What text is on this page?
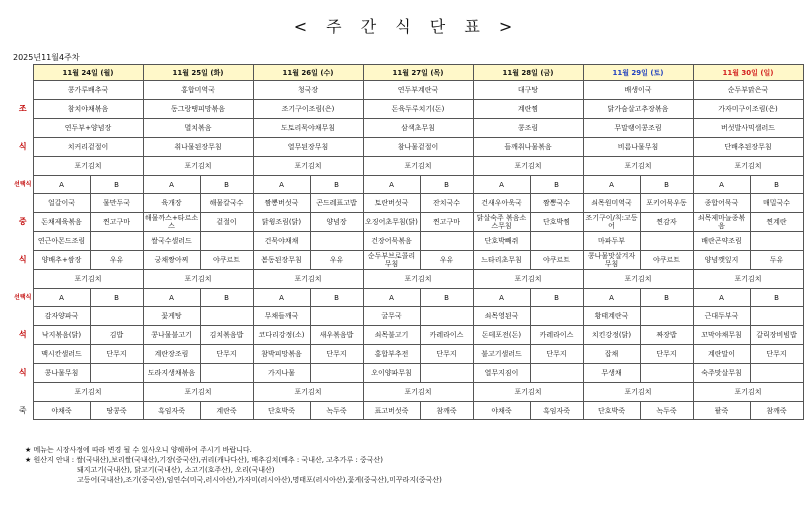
< 주 간 식 단 표 >
2025년11월4주차
	11월 24일 (월)		11월 25일 (화)		11월 26일 (수)		11월 27일 (목)		11월 28일 (금)		11월 29일 (토)		11월 30일 (일)	
	콩가루배추국		홍합미역국		청국장		연두부계란국		대구탕		배생이국		순두부맑은국	
조	참치야채볶음		동그랑땡피망볶음		조기구이조림(은)		돈육두루치기(돈)		계란찜		닭가슴살고추장볶음		가자미구이조림(은)	
	연두부+양념장		멸치볶음		도토리묵야채무침		삼색초무침		콩조림		무말랭이콩조림		버섯발사믹샐러드	
식	치커리겉절이		취나물된장무침		열무된장무침		참나물겉절이		들깨취나물볶음		비름나물무침		단배추된장무침	
	포기김치		포기김치		포기김치		포기김치		포기김치		포기김치		포기김치	
선택식	A	B	A	B	A	B	A	B	A	B	A	B	A	B
	얼갈이국	물만두국	육개장	해물칼국수	짬뽕버섯국	곤드레표고밥	토란버섯국	잔치국수	건새우아욱국	짬뽕국수	쇠목원미역국	포키어묵우동	종합어묵국	매밀국수
중	돈채제육볶음	찐고구마	해물까스+타르소스	겉절이	닭윙조림(닭)	양념장	오징어초무침(닭)	찐고구마	닭살숙주 볶음소스무침	단호박찜	조기구이/칙:고등어	찐감자	쇠목제마늘종볶음	찐계란
	연근아몬드조림		쌀국수샐러드		건묵야채채		건장어묵볶음		단호박빼쥐		마파두부		배란곤약조림	
식	양배추+쌈장	우유	궁채짱아찌	야쿠르트	봄동된장무침	우유	순두부브로콜리무침	우유	느타리초무침	야쿠르트	콩나물맛살겨자무침	야쿠르트	양념깻잎지	두유
	포기김치		포기김치		포기김치		포기김치		포기김치		포기김치		포기김치	
선택식	A	B	A	B	A	B	A	B	A	B	A	B	A	B
	감자양파국		꽃게탕		무채들깨국		굴무국		쇠목영된국		황태계란국		근대두부국	
석	낙지볶음(닭)	김밥	콩나물불고기	김치볶음밥	코다리강정(소)	새우볶음밥	쇠목불고기	카레라이스	돈테포전(돈)	카레라이스	치킨강정(닭)	짜장밥	꼬막야채무침	갈릭장비빔밥
	맥시칸샐러드	단무지	계란장조림	단무지	참박피망볶음	단무지	홍합부추전	단무지	불고기샐러드	단무지	잡채	단무지	계란말이	단무지
식	콩나물무침		도라지생채볶음		가지나물		오이양파무침		열무지짐이		무생채		숙주맛살무침	
	포기김치		포기김치		포기김치		포기김치		포기김치		포기김치		포기김치	
죽	야채죽	땅콩죽	흑임자죽	계란죽	단호박죽	녹두죽	표고버섯죽	참깨죽	야채죽	흑임자죽	단호박죽	녹두죽	팥죽	참깨죽
★ 메뉴는 시장사정에 따라 변경 될 수 있사오니 양해하여 주시기 바랍니다.
★ 원산지 안내 : 쌀(국내산),보리쌀(국내산),기장(중국산),귀리(캐나다산), 배추김치(배추 : 국내산, 고추가루 : 중국산)
돼지고기(국내산), 닭고기(국내산), 소고기(호주산), 오리(국내산)
고등어(국내산),조기(중국산),임연수(미국,러시아산),가자미(러시아산),명태포(러시아산),꽃게(중국산),미꾸라지(중국산)
